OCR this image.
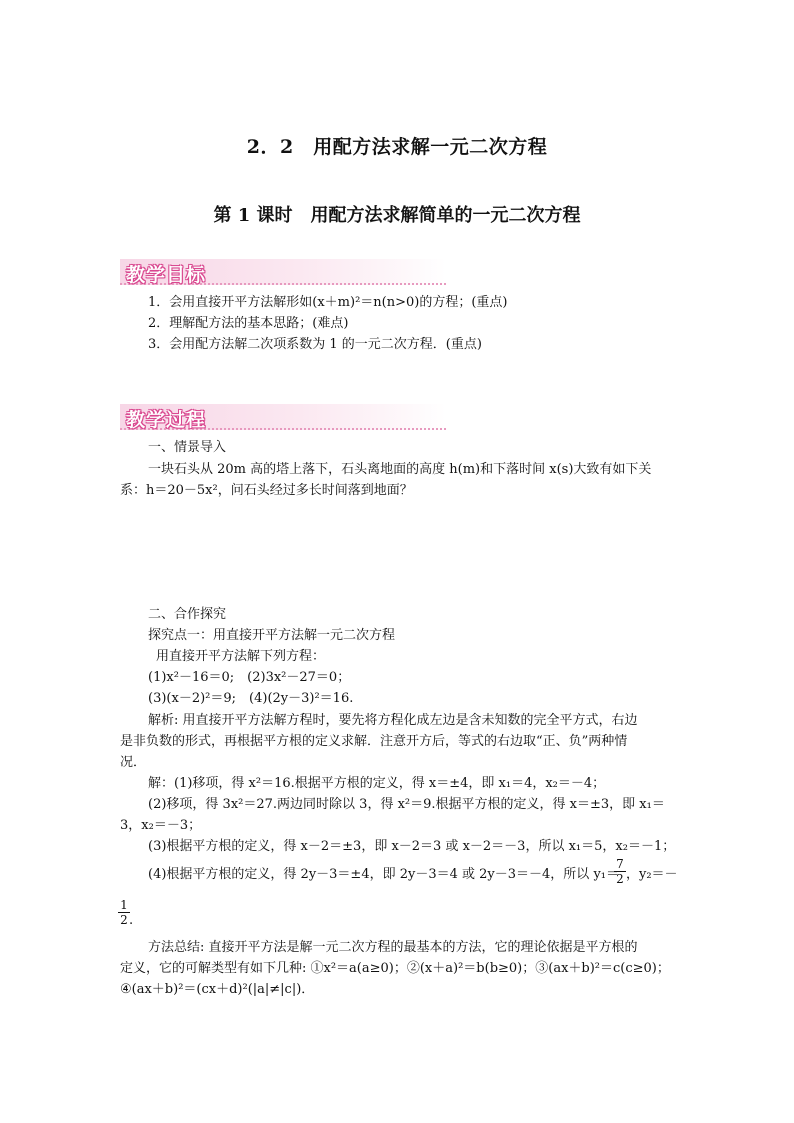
2．2　用配方法求解一元二次方程
第 1 课时　用配方法求解简单的一元二次方程
教学目标
1．会用直接开平方法解形如(x＋m)²＝n(n>0)的方程；(重点)
2．理解配方法的基本思路；(难点)
3．会用配方法解二次项系数为 1 的一元二次方程．(重点)
教学过程
一、情景导入
一块石头从 20m 高的塔上落下，石头离地面的高度 h(m)和下落时间 x(s)大致有如下关
系：h＝20－5x²，问石头经过多长时间落到地面？
二、合作探究
探究点一：用直接开平方法解一元二次方程
用直接开平方法解下列方程：
(1)x²－16＝0;　(2)3x²－27＝0；
(3)(x－2)²＝9;　(4)(2y－3)²＝16.
解析: 用直接开平方法解方程时，要先将方程化成左边是含未知数的完全平方式，右边
是非负数的形式，再根据平方根的定义求解．注意开方后，等式的右边取“正、负”两种情
况．
解：(1)移项，得 x²＝16.根据平方根的定义，得 x＝±4，即 x₁＝4，x₂＝－4；
(2)移项，得 3x²＝27.两边同时除以 3，得 x²＝9.根据平方根的定义，得 x＝±3，即 x₁＝
3，x₂＝－3；
(3)根据平方根的定义，得 x－2＝±3，即 x－2＝3 或 x－2＝－3，所以 x₁＝5，x₂＝－1；
(4)根据平方根的定义，得 2y－3＝±4，即 2y－3＝4 或 2y－3＝－4，所以 y₁＝
$\frac{7}{2}$ ，y₂＝－
$\frac{1}{2}$ .
方法总结: 直接开平方法是解一元二次方程的最基本的方法，它的理论依据是平方根的
定义，它的可解类型有如下几种: ①x²＝a(a≥0)；②(x＋a)²＝b(b≥0)；③(ax＋b)²＝c(c≥0)；
④(ax＋b)²＝(cx＋d)²(|a|≠|c|)．
